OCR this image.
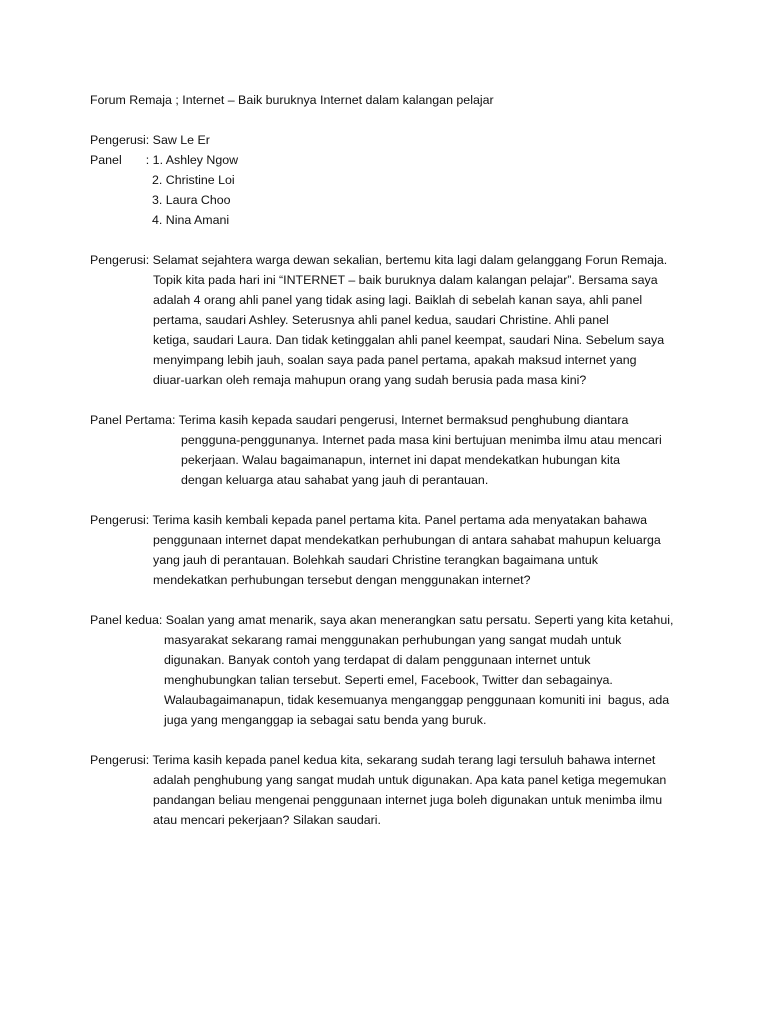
Forum Remaja ; Internet – Baik buruknya Internet dalam kalangan pelajar
Pengerusi: Saw Le Er
Panel       : 1. Ashley Ngow
2. Christine Loi
3. Laura Choo
4. Nina Amani
Pengerusi: Selamat sejahtera warga dewan sekalian, bertemu kita lagi dalam gelanggang Forun Remaja.
Topik kita pada hari ini “INTERNET – baik buruknya dalam kalangan pelajar”. Bersama saya
adalah 4 orang ahli panel yang tidak asing lagi. Baiklah di sebelah kanan saya, ahli panel
pertama, saudari Ashley. Seterusnya ahli panel kedua, saudari Christine. Ahli panel
ketiga, saudari Laura. Dan tidak ketinggalan ahli panel keempat, saudari Nina. Sebelum saya
menyimpang lebih jauh, soalan saya pada panel pertama, apakah maksud internet yang
diuar-uarkan oleh remaja mahupun orang yang sudah berusia pada masa kini?
Panel Pertama: Terima kasih kepada saudari pengerusi, Internet bermaksud penghubung diantara
pengguna-penggunanya. Internet pada masa kini bertujuan menimba ilmu atau mencari
pekerjaan. Walau bagaimanapun, internet ini dapat mendekatkan hubungan kita
dengan keluarga atau sahabat yang jauh di perantauan.
Pengerusi: Terima kasih kembali kepada panel pertama kita. Panel pertama ada menyatakan bahawa
penggunaan internet dapat mendekatkan perhubungan di antara sahabat mahupun keluarga
yang jauh di perantauan. Bolehkah saudari Christine terangkan bagaimana untuk
mendekatkan perhubungan tersebut dengan menggunakan internet?
Panel kedua: Soalan yang amat menarik, saya akan menerangkan satu persatu. Seperti yang kita ketahui,
masyarakat sekarang ramai menggunakan perhubungan yang sangat mudah untuk
digunakan. Banyak contoh yang terdapat di dalam penggunaan internet untuk
menghubungkan talian tersebut. Seperti emel, Facebook, Twitter dan sebagainya.
Walaubagaimanapun, tidak kesemuanya menganggap penggunaan komuniti ini  bagus, ada
juga yang menganggap ia sebagai satu benda yang buruk.
Pengerusi: Terima kasih kepada panel kedua kita, sekarang sudah terang lagi tersuluh bahawa internet
adalah penghubung yang sangat mudah untuk digunakan. Apa kata panel ketiga megemukan
pandangan beliau mengenai penggunaan internet juga boleh digunakan untuk menimba ilmu
atau mencari pekerjaan? Silakan saudari.
